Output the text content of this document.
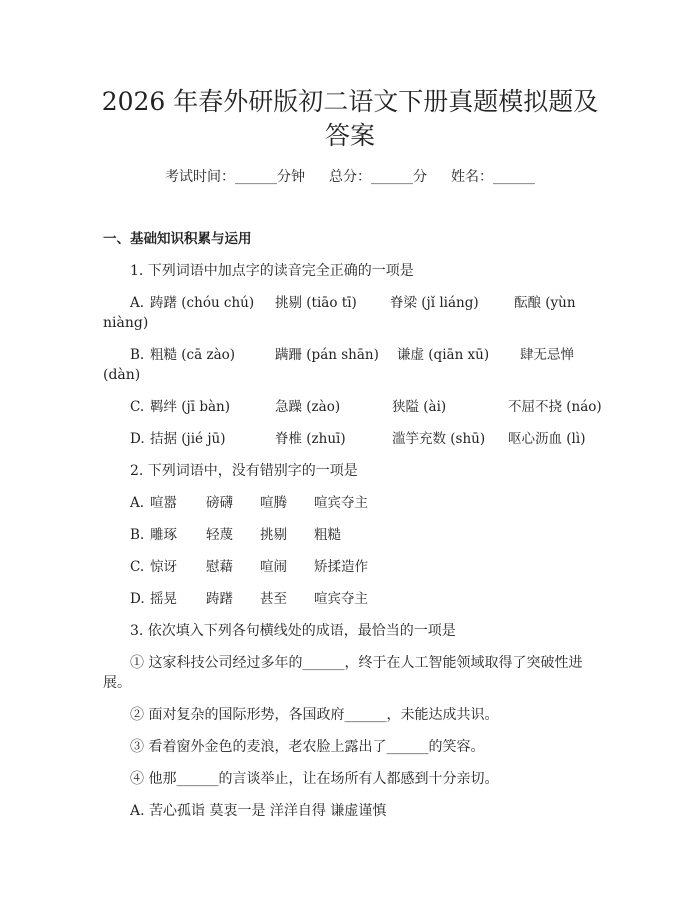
2026 年春外研版初二语文下册真题模拟题及
答案
考试时间：______分钟 总分：______分 姓名：______
一、基础知识积累与运用
1. 下列词语中加点字的读音完全正确的一项是
A. 踌躇 (chóu chú) 挑剔 (tiāo tī) 脊梁 (jǐ liáng)	酝酿 (yùn
niàng)
B. 粗糙 (cā zào)	蹒跚 (pán shān) 谦虚 (qiān xū) 肆无忌惮
(dàn)
C. 羁绊 (jī bàn)	急躁 (zào)	狭隘 (ài)	不屈不挠 (náo)
D. 拮据 (jié jū)	脊椎 (zhuī)	滥竽充数 (shū) 呕心沥血 (lì)
2. 下列词语中，没有错别字的一项是
A. 喧嚣 磅礴 喧腾 喧宾夺主
B. 雕琢 轻蔑 挑剔 粗糙
C. 惊讶 慰藉 喧闹 矫揉造作
D. 摇晃 踌躇 甚至 喧宾夺主
3. 依次填入下列各句横线处的成语，最恰当的一项是
① 这家科技公司经过多年的______，终于在人工智能领域取得了突破性进
展。
② 面对复杂的国际形势，各国政府______，未能达成共识。
③ 看着窗外金色的麦浪，老农脸上露出了______的笑容。
④ 他那______的言谈举止，让在场所有人都感到十分亲切。
A. 苦心孤诣 莫衷一是 洋洋自得 谦虚谨慎
